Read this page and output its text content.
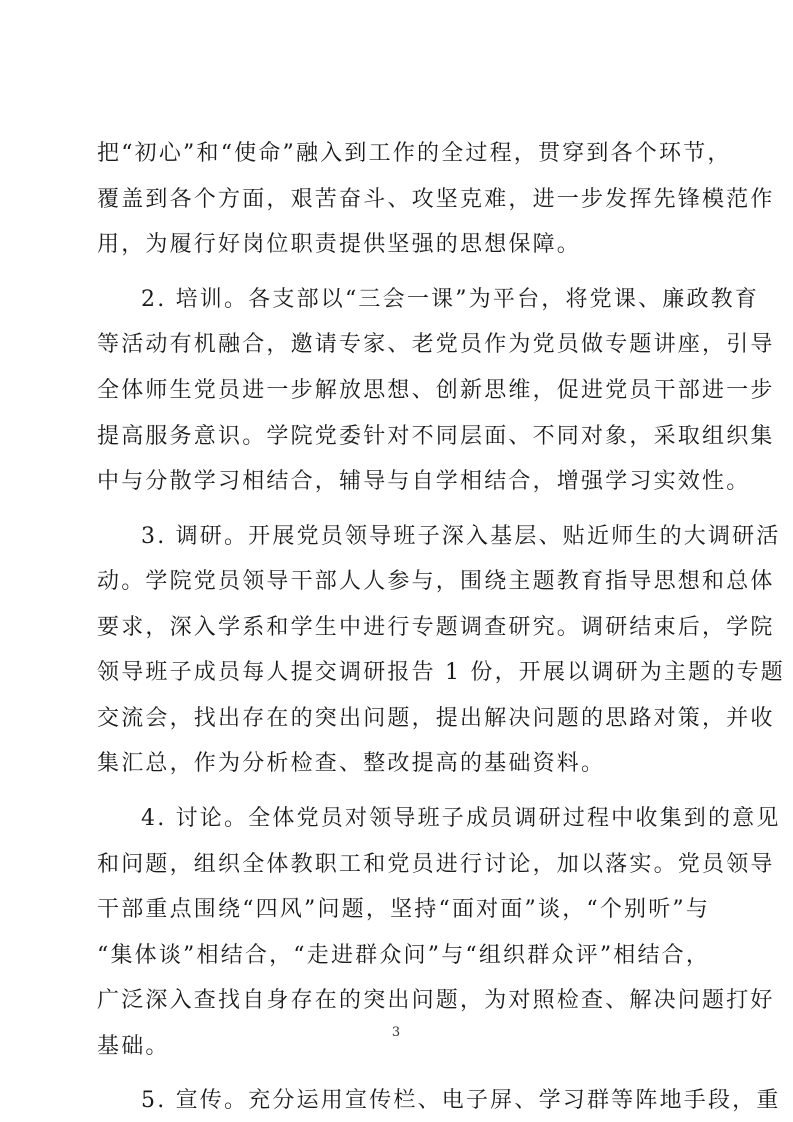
把“初心”和“使命”融入到工作的全过程，贯穿到各个环节，
覆盖到各个方面，艰苦奋斗、攻坚克难，进一步发挥先锋模范作
用，为履行好岗位职责提供坚强的思想保障。
2. 培训。各支部以“三会一课”为平台，将党课、廉政教育
等活动有机融合，邀请专家、老党员作为党员做专题讲座，引导
全体师生党员进一步解放思想、创新思维，促进党员干部进一步
提高服务意识。学院党委针对不同层面、不同对象，采取组织集
中与分散学习相结合，辅导与自学相结合，增强学习实效性。
3. 调研。开展党员领导班子深入基层、贴近师生的大调研活
动。学院党员领导干部人人参与，围绕主题教育指导思想和总体
要求，深入学系和学生中进行专题调查研究。调研结束后，学院
领导班子成员每人提交调研报告 1 份，开展以调研为主题的专题
交流会，找出存在的突出问题，提出解决问题的思路对策，并收
集汇总，作为分析检查、整改提高的基础资料。
4. 讨论。全体党员对领导班子成员调研过程中收集到的意见
和问题，组织全体教职工和党员进行讨论，加以落实。党员领导
干部重点围绕“四风”问题，坚持“面对面”谈，“个别听”与
“集体谈”相结合，“走进群众问”与“组织群众评”相结合，
广泛深入查找自身存在的突出问题，为对照检查、解决问题打好
基础。
5. 宣传。充分运用宣传栏、电子屏、学习群等阵地手段，重
3
